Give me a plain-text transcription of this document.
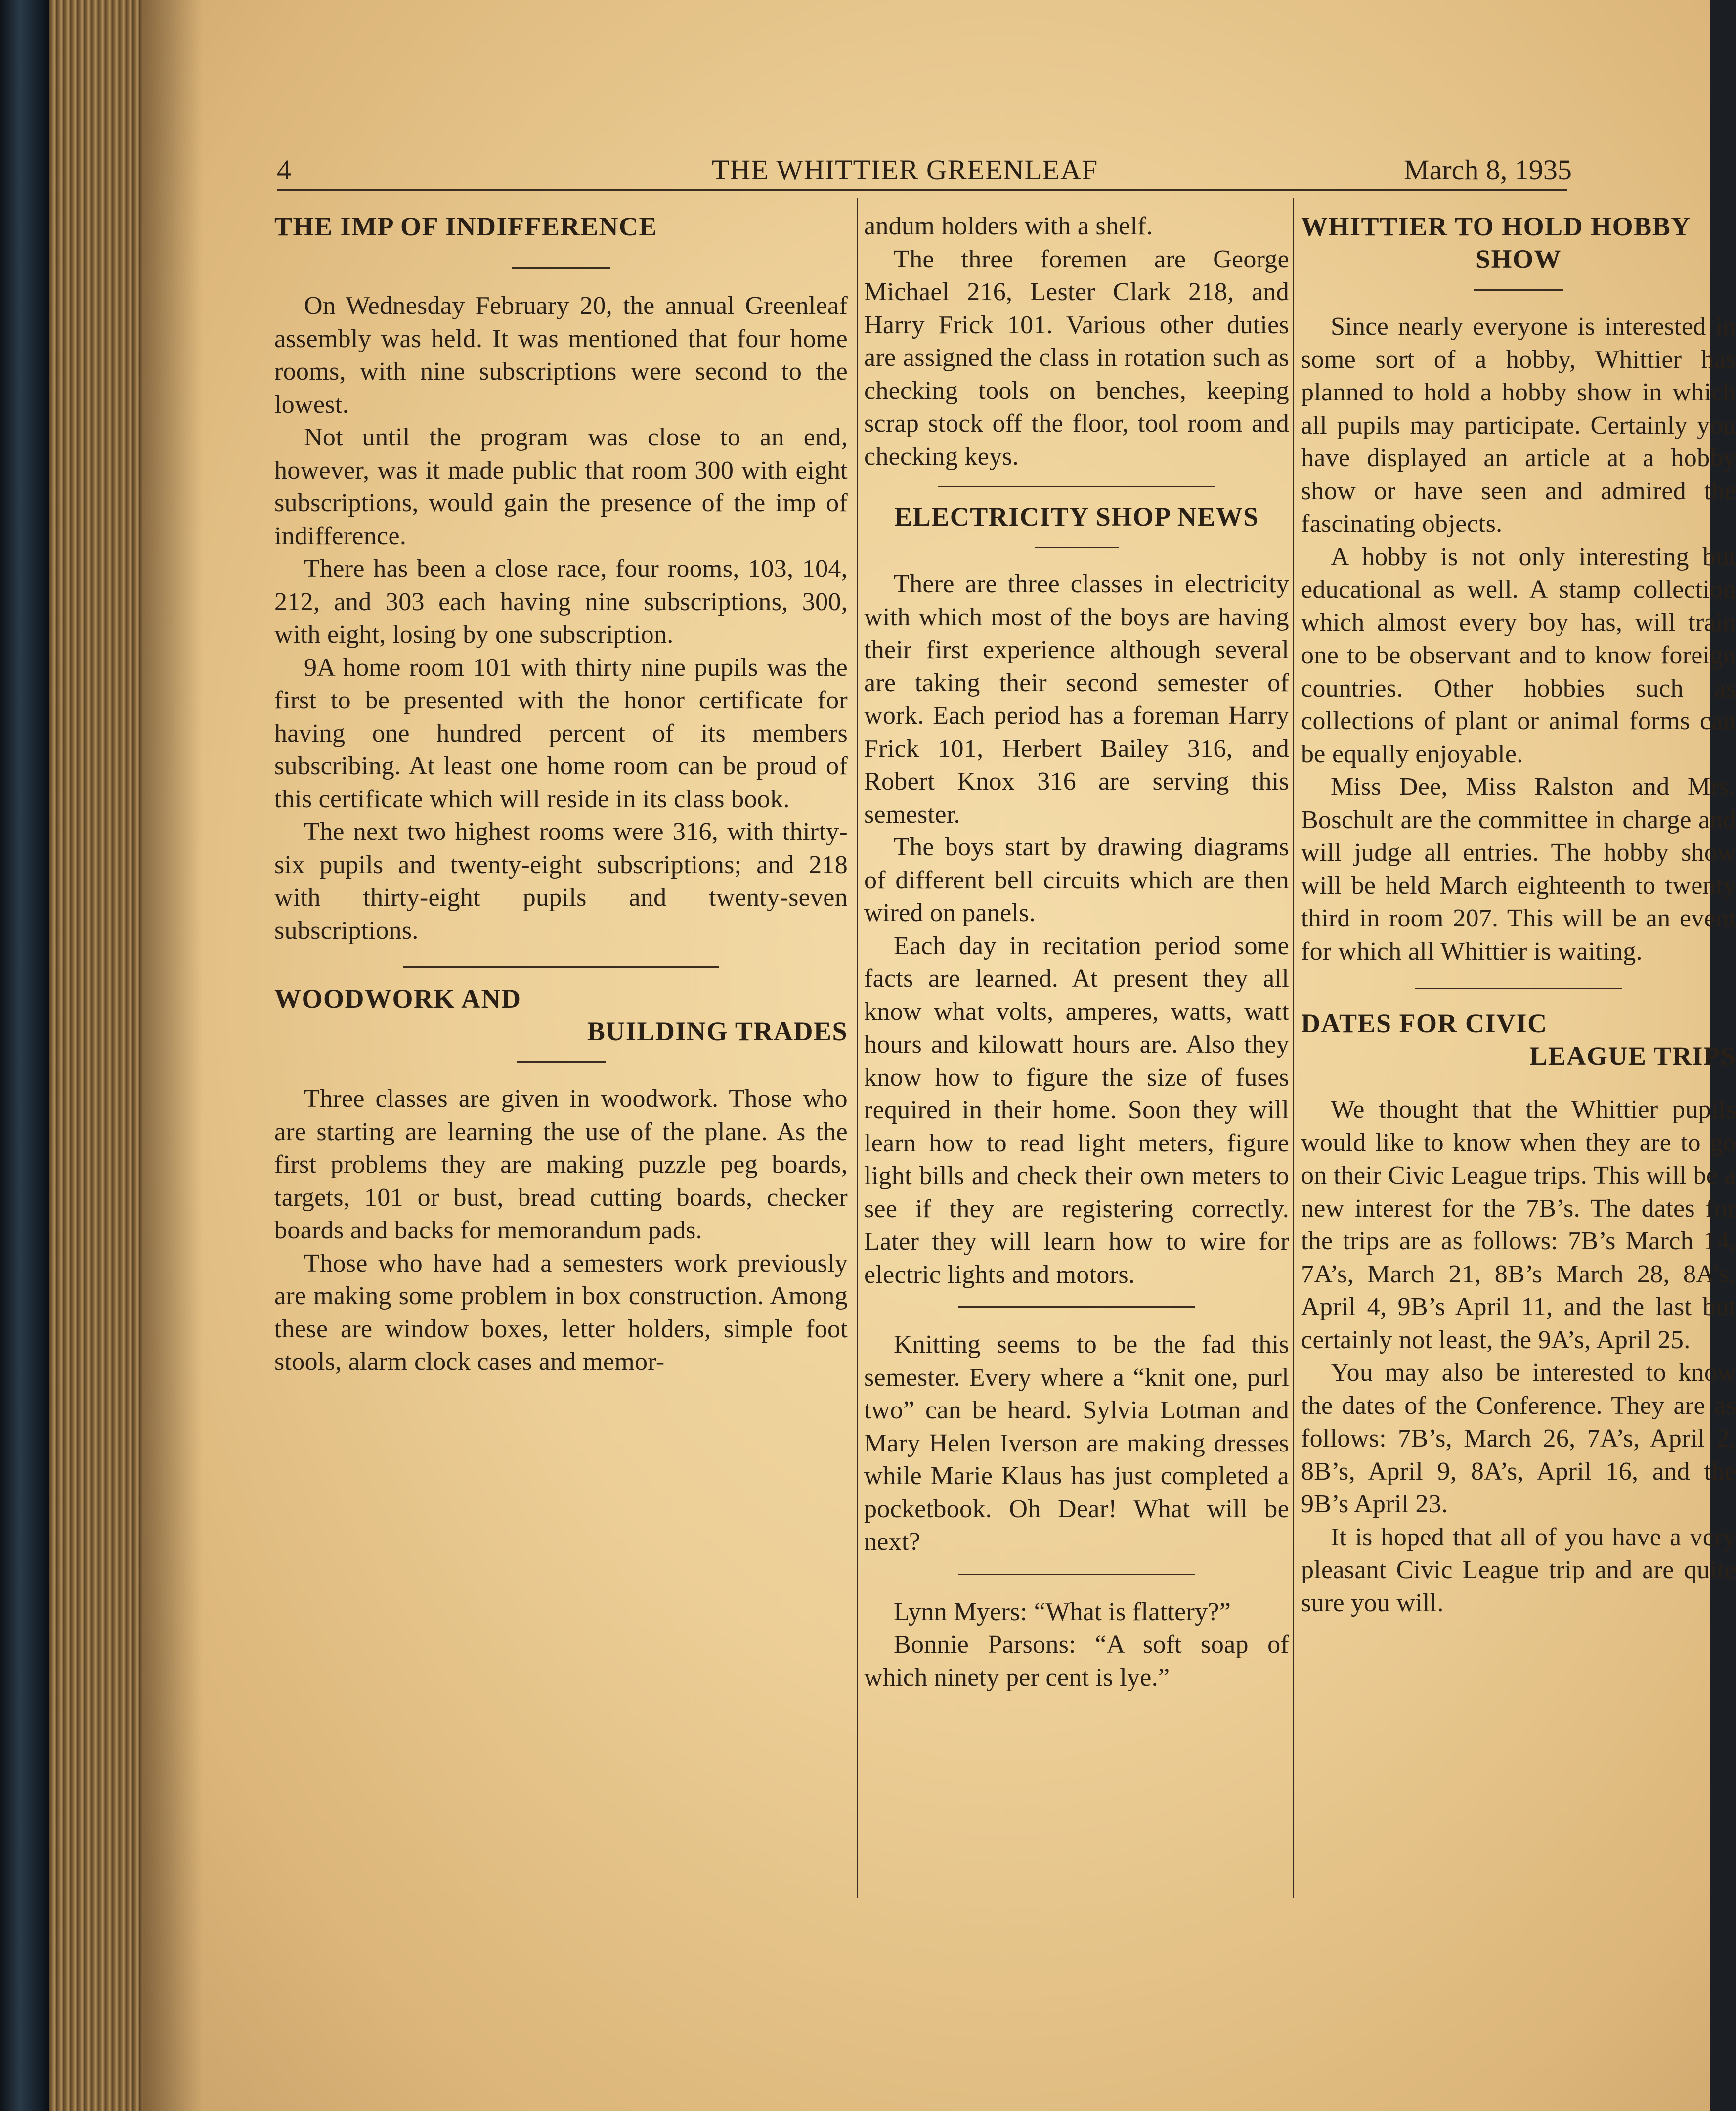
4	THE WHITTIER GREENLEAF	March 8, 1935
THE IMP OF INDIFFERENCE

On Wednesday February 20, the annual Greenleaf assembly was held. It was mentioned that four home rooms, with nine subscriptions were second to the lowest.

Not until the program was close to an end, however, was it made public that room 300 with eight subscriptions, would gain the presence of the imp of indifference.

There has been a close race, four rooms, 103, 104, 212, and 303 each having nine subscriptions, 300, with eight, losing by one subscription.

9A home room 101 with thirty nine pupils was the first to be presented with the honor certificate for having one hundred percent of its members subscribing. At least one home room can be proud of this certificate which will reside in its class book.

The next two highest rooms were 316, with thirty-six pupils and twenty-eight subscriptions; and 218 with thirty-eight pupils and twenty-seven subscriptions.

WOODWORK AND
BUILDING TRADES

Three classes are given in woodwork. Those who are starting are learning the use of the plane. As the first problems they are making puzzle peg boards, targets, 101 or bust, bread cutting boards, checker boards and backs for memorandum pads.

Those who have had a semesters work previously are making some problem in box construction. Among these are window boxes, letter holders, simple foot stools, alarm clock cases and memor-

andum holders with a shelf.

The three foremen are George Michael 216, Lester Clark 218, and Harry Frick 101. Various other duties are assigned the class in rotation such as checking tools on benches, keeping scrap stock off the floor, tool room and checking keys.

ELECTRICITY SHOP NEWS

There are three classes in electricity with which most of the boys are having their first experience although several are taking their second semester of work. Each period has a foreman Harry Frick 101, Herbert Bailey 316, and Robert Knox 316 are serving this semester.

The boys start by drawing diagrams of different bell circuits which are then wired on panels.

Each day in recitation period some facts are learned. At present they all know what volts, amperes, watts, watt hours and kilowatt hours are. Also they know how to figure the size of fuses required in their home. Soon they will learn how to read light meters, figure light bills and check their own meters to see if they are registering correctly. Later they will learn how to wire for electric lights and motors.

Knitting seems to be the fad this semester. Every where a “knit one, purl two” can be heard. Sylvia Lotman and Mary Helen Iverson are making dresses while Marie Klaus has just completed a pocketbook. Oh Dear! What will be next?

Lynn Myers: “What is flattery?”

Bonnie Parsons: “A soft soap of which ninety per cent is lye.”

WHITTIER TO HOLD HOBBY
SHOW

Since nearly everyone is interested in some sort of a hobby, Whittier has planned to hold a hobby show in which all pupils may participate. Certainly you have displayed an article at a hobby show or have seen and admired the fascinating objects.

A hobby is not only interesting but educational as well. A stamp collection which almost every boy has, will train one to be observant and to know foreign countries. Other hobbies such as collections of plant or animal forms can be equally enjoyable.

Miss Dee, Miss Ralston and Mrs. Boschult are the committee in charge and will judge all entries. The hobby show will be held March eighteenth to twenty third in room 207. This will be an event for which all Whittier is waiting.

DATES FOR CIVIC
LEAGUE TRIPS

We thought that the Whittier pupils would like to know when they are to go on their Civic League trips. This will be a new interest for the 7B’s. The dates for the trips are as follows: 7B’s March 14, 7A’s, March 21, 8B’s March 28, 8A’s, April 4, 9B’s April 11, and the last but certainly not least, the 9A’s, April 25.

You may also be interested to know the dates of the Conference. They are as follows: 7B’s, March 26, 7A’s, April 2, 8B’s, April 9, 8A’s, April 16, and the 9B’s April 23.

It is hoped that all of you have a very pleasant Civic League trip and are quite sure you will.
